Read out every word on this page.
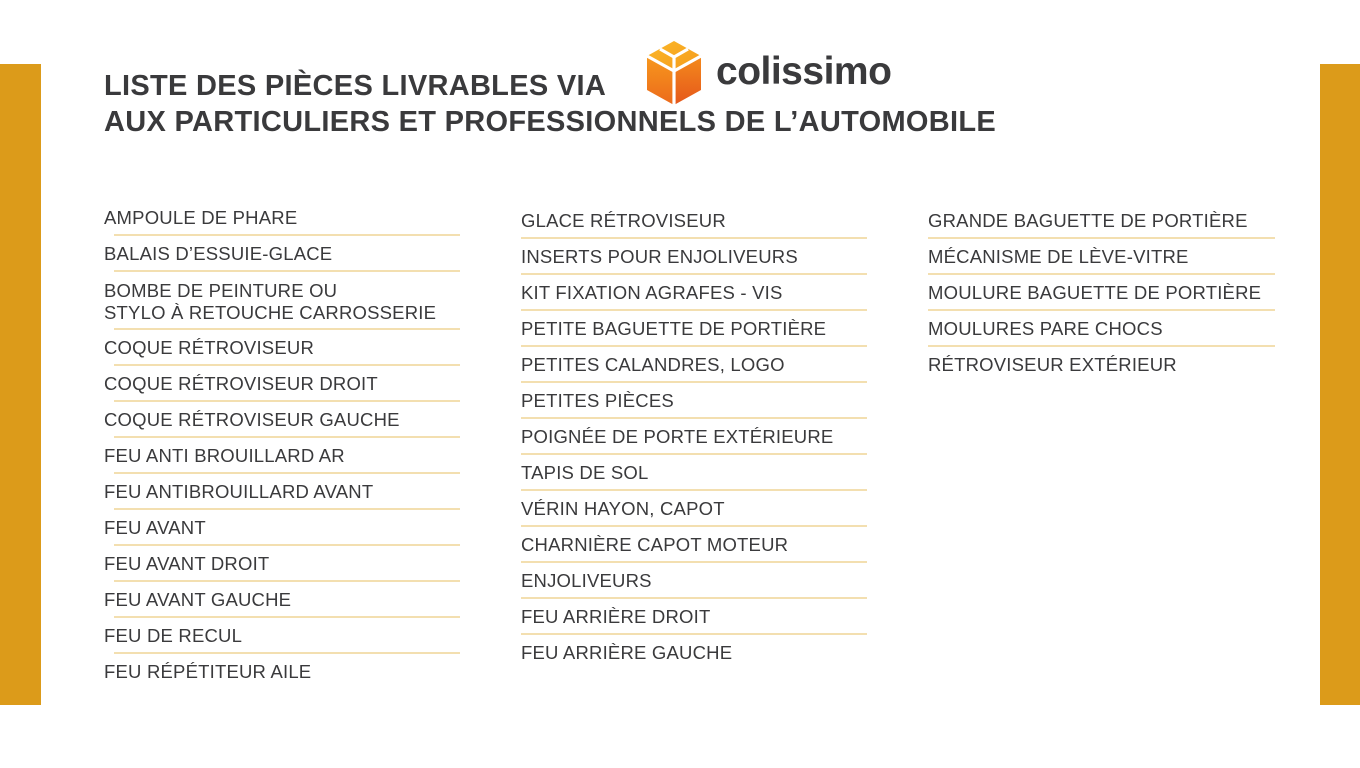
LISTE DES PIÈCES LIVRABLES VIA
AUX PARTICULIERS ET PROFESSIONNELS DE L’AUTOMOBILE
colissimo
AMPOULE DE PHARE
BALAIS D’ESSUIE-GLACE
BOMBE DE PEINTURE OU
STYLO À RETOUCHE CARROSSERIE
COQUE RÉTROVISEUR
COQUE RÉTROVISEUR DROIT
COQUE RÉTROVISEUR GAUCHE
FEU ANTI BROUILLARD AR
FEU ANTIBROUILLARD AVANT
FEU AVANT
FEU AVANT DROIT
FEU AVANT GAUCHE
FEU DE RECUL
FEU RÉPÉTITEUR AILE
GLACE RÉTROVISEUR
INSERTS POUR ENJOLIVEURS
KIT FIXATION AGRAFES - VIS
PETITE BAGUETTE DE PORTIÈRE
PETITES CALANDRES, LOGO
PETITES PIÈCES
POIGNÉE DE PORTE EXTÉRIEURE
TAPIS DE SOL
VÉRIN HAYON, CAPOT
CHARNIÈRE CAPOT MOTEUR
ENJOLIVEURS
FEU ARRIÈRE DROIT
FEU ARRIÈRE GAUCHE
GRANDE BAGUETTE DE PORTIÈRE
MÉCANISME DE LÈVE-VITRE
MOULURE BAGUETTE DE PORTIÈRE
MOULURES PARE CHOCS
RÉTROVISEUR EXTÉRIEUR
